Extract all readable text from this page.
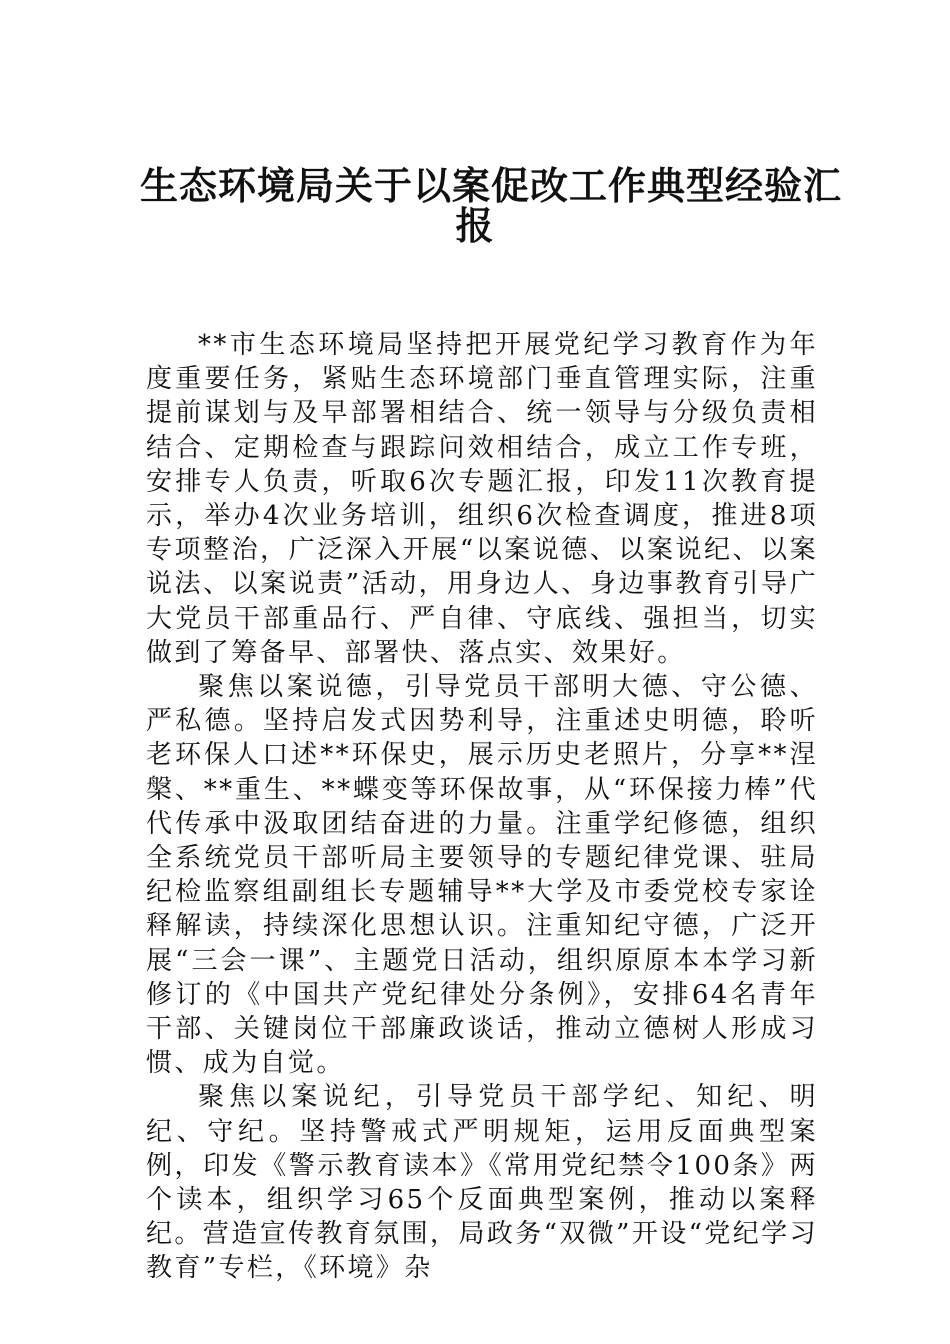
生态环境局关于以案促改工作典型经验汇
报

**市生态环境局坚持把开展党纪学习教育作为年度重要任务，紧贴生态环境部门垂直管理实际，注重提前谋划与及早部署相结合、统一领导与分级负责相结合、定期检查与跟踪问效相结合，成立工作专班，安排专人负责，听取6次专题汇报，印发11次教育提示，举办4次业务培训，组织6次检查调度，推进8项专项整治，广泛深入开展“以案说德、以案说纪、以案说法、以案说责”活动，用身边人、身边事教育引导广大党员干部重品行、严自律、守底线、强担当，切实做到了筹备早、部署快、落点实、效果好。

聚焦以案说德，引导党员干部明大德、守公德、严私德。坚持启发式因势利导，注重述史明德，聆听老环保人口述**环保史，展示历史老照片，分享**涅槃、**重生、**蝶变等环保故事，从“环保接力棒”代代传承中汲取团结奋进的力量。注重学纪修德，组织全系统党员干部听局主要领导的专题纪律党课、驻局纪检监察组副组长专题辅导**大学及市委党校专家诠释解读，持续深化思想认识。注重知纪守德，广泛开展“三会一课”、主题党日活动，组织原原本本学习新修订的《中国共产党纪律处分条例》，安排64名青年干部、关键岗位干部廉政谈话，推动立德树人形成习惯、成为自觉。

聚焦以案说纪，引导党员干部学纪、知纪、明纪、守纪。坚持警戒式严明规矩，运用反面典型案例，印发《警示教育读本》《常用党纪禁令100条》两个读本，组织学习65个反面典型案例，推动以案释纪。营造宣传教育氛围，局政务“双微”开设“党纪学习教育”专栏，《环境》杂
